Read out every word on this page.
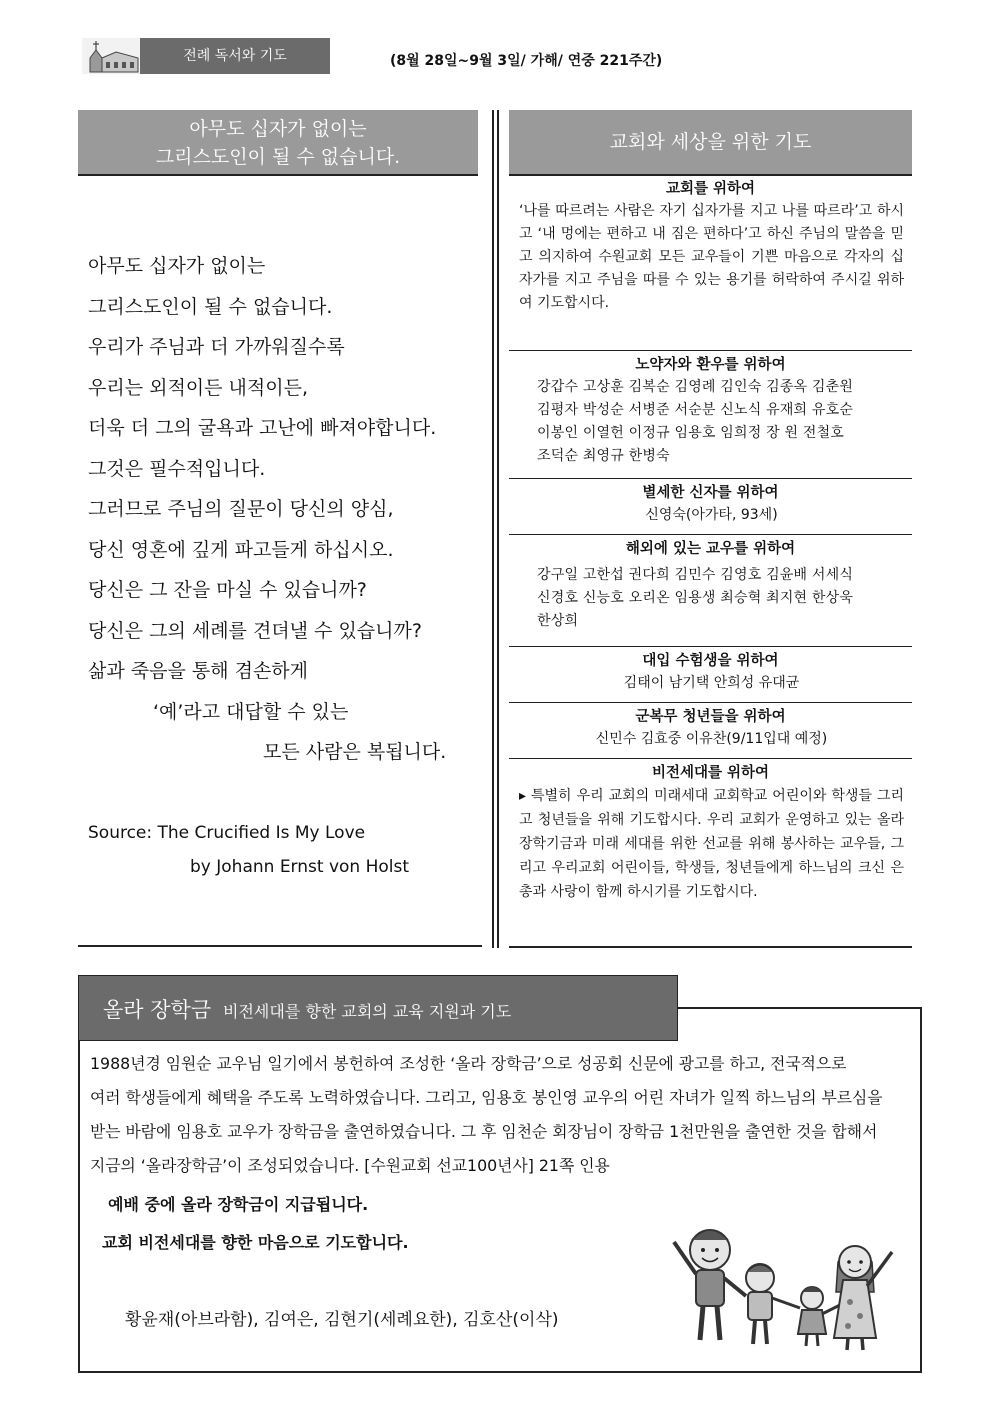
전례 독서와 기도	(8월 28일~9월 3일/ 가해/ 연중 221주간)
아무도 십자가 없이는
그리스도인이 될 수 없습니다.
아무도 십자가 없이는
그리스도인이 될 수 없습니다.
우리가 주님과 더 가까워질수록
우리는 외적이든 내적이든,
더욱 더 그의 굴욕과 고난에 빠져야합니다.
그것은 필수적입니다.
그러므로 주님의 질문이 당신의 양심,
당신 영혼에 깊게 파고들게 하십시오.
당신은 그 잔을 마실 수 있습니까?
당신은 그의 세례를 견뎌낼 수 있습니까?
삶과 죽음을 통해 겸손하게
‘예’라고 대답할 수 있는
모든 사람은 복됩니다.
Source: The Crucified Is My Love
by Johann Ernst von Holst
교회와 세상을 위한 기도
교회를 위하여
‘나를 따르려는 사람은 자기 십자가를 지고 나를 따르라’고 하시고 ‘내 멍에는 편하고 내 짐은 편하다’고 하신 주님의 말씀을 믿고 의지하여 수원교회 모든 교우들이 기쁜 마음으로 각자의 십자가를 지고 주님을 따를 수 있는 용기를 허락하여 주시길 위하여 기도합시다.
노약자와 환우를 위하여
강갑수 고상훈 김복순 김영례 김인숙 김종옥 김춘원
김평자 박성순 서병준 서순분 신노식 유재희 유호순
이봉인 이열헌 이정규 임용호 임희정 장 원 전철호
조덕순 최영규 한병숙
별세한 신자를 위하여
신영숙(아가타, 93세)
해외에 있는 교우를 위하여
강구일 고한섭 권다희 김민수 김영호 김윤배 서세식
신경호 신능호 오리온 임용생 최승혁 최지현 한상욱
한상희
대입 수험생을 위하여
김태이 남기택 안희성 유대균
군복무 청년들을 위하여
신민수 김효중 이유찬(9/11입대 예정)
비전세대를 위하여
▸ 특별히 우리 교회의 미래세대 교회학교 어린이와 학생들 그리고 청년들을 위해 기도합시다. 우리 교회가 운영하고 있는 올라 장학기금과 미래 세대를 위한 선교를 위해 봉사하는 교우들, 그리고 우리교회 어린이들, 학생들, 청년들에게 하느님의 크신 은총과 사랑이 함께 하시기를 기도합시다.
올라 장학금 비전세대를 향한 교회의 교육 지원과 기도
1988년경 임원순 교우님 일기에서 봉헌하여 조성한 ‘올라 장학금’으로 성공회 신문에 광고를 하고, 전국적으로
여러 학생들에게 혜택을 주도록 노력하였습니다. 그리고, 임용호 봉인영 교우의 어린 자녀가 일찍 하느님의 부르심을
받는 바람에 임용호 교우가 장학금을 출연하였습니다. 그 후 임천순 회장님이 장학금 1천만원을 출연한 것을 합해서
지금의 ‘올라장학금’이 조성되었습니다. [수원교회 선교100년사] 21쪽 인용
예배 중에 올라 장학금이 지급됩니다.
교회 비전세대를 향한 마음으로 기도합니다.
황윤재(아브라함), 김여은, 김현기(세례요한), 김호산(이삭)
